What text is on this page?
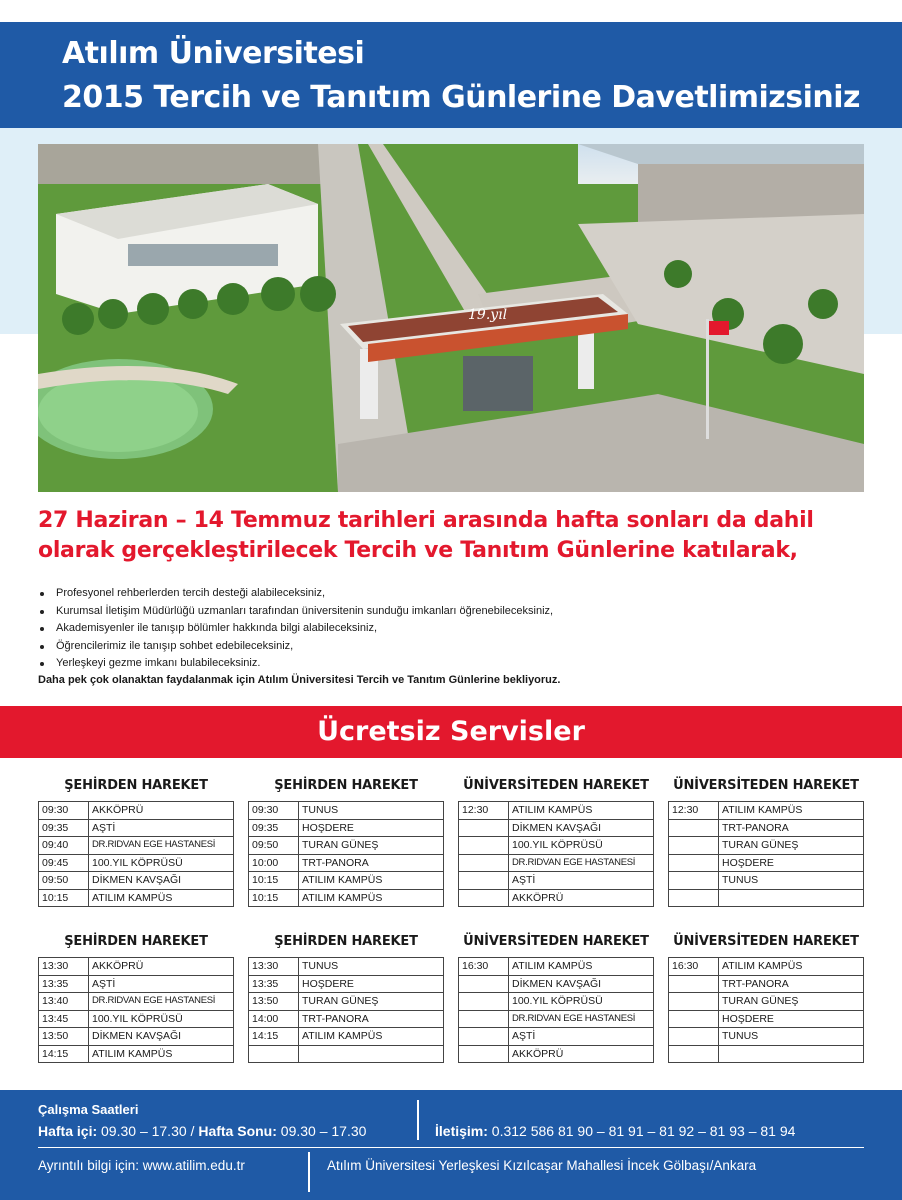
Atılım Üniversitesi
2015 Tercih ve Tanıtım Günlerine Davetlimizsiniz
19.yıl
27 Haziran – 14 Temmuz tarihleri arasında hafta sonları da dahil
olarak gerçekleştirilecek Tercih ve Tanıtım Günlerine katılarak,
Profesyonel rehberlerden tercih desteği alabileceksiniz,
Kurumsal İletişim Müdürlüğü uzmanları tarafından üniversitenin sunduğu imkanları öğrenebileceksiniz,
Akademisyenler ile tanışıp bölümler hakkında bilgi alabileceksiniz,
Öğrencilerimiz ile tanışıp sohbet edebileceksiniz,
Yerleşkeyi gezme imkanı bulabileceksiniz.
Daha pek çok olanaktan faydalanmak için Atılım Üniversitesi Tercih ve Tanıtım Günlerine bekliyoruz.
Ücretsiz Servisler
ŞEHİRDEN HAREKET
09:30	AKKÖPRÜ
09:35	AŞTİ
09:40	DR.RIDVAN EGE HASTANESİ
09:45	100.YIL KÖPRÜSÜ
09:50	DİKMEN KAVŞAĞI
10:15	ATILIM KAMPÜS
ŞEHİRDEN HAREKET
09:30	TUNUS
09:35	HOŞDERE
09:50	TURAN GÜNEŞ
10:00	TRT-PANORA
10:15	ATILIM KAMPÜS
10:15	ATILIM KAMPÜS
ÜNİVERSİTEDEN HAREKET
12:30	ATILIM KAMPÜS
	DİKMEN KAVŞAĞI
	100.YIL KÖPRÜSÜ
	DR.RIDVAN EGE HASTANESİ
	AŞTİ
	AKKÖPRÜ
ÜNİVERSİTEDEN HAREKET
12:30	ATILIM KAMPÜS
	TRT-PANORA
	TURAN GÜNEŞ
	HOŞDERE
	TUNUS

ŞEHİRDEN HAREKET
13:30	AKKÖPRÜ
13:35	AŞTİ
13:40	DR.RIDVAN EGE HASTANESİ
13:45	100.YIL KÖPRÜSÜ
13:50	DİKMEN KAVŞAĞI
14:15	ATILIM KAMPÜS
ŞEHİRDEN HAREKET
13:30	TUNUS
13:35	HOŞDERE
13:50	TURAN GÜNEŞ
14:00	TRT-PANORA
14:15	ATILIM KAMPÜS

ÜNİVERSİTEDEN HAREKET
16:30	ATILIM KAMPÜS
	DİKMEN KAVŞAĞI
	100.YIL KÖPRÜSÜ
	DR.RIDVAN EGE HASTANESİ
	AŞTİ
	AKKÖPRÜ
ÜNİVERSİTEDEN HAREKET
16:30	ATILIM KAMPÜS
	TRT-PANORA
	TURAN GÜNEŞ
	HOŞDERE
	TUNUS

Çalışma Saatleri
Hafta içi: 09.30 – 17.30 / Hafta Sonu: 09.30 – 17.30	İletişim: 0.312 586 81 90 – 81 91 – 81 92 – 81 93 – 81 94
Ayrıntılı bilgi için: www.atilim.edu.tr	Atılım Üniversitesi Yerleşkesi Kızılcaşar Mahallesi İncek Gölbaşı/Ankara
